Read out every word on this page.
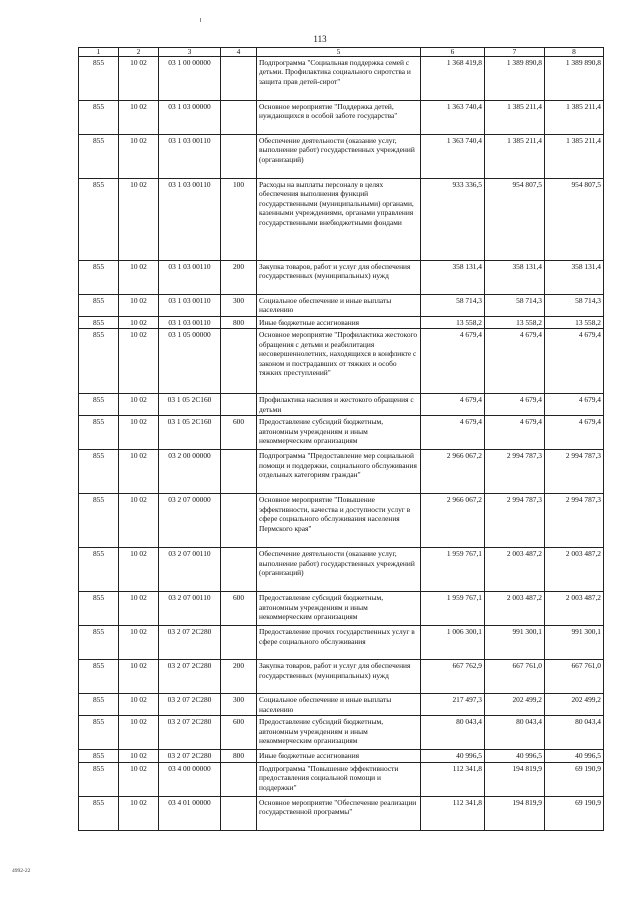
113
1	2	3	4	5	6	7	8
855	10 02	03 1 00 00000		Подпрограмма "Социальная поддержка семей с детьми. Профилактика социального сиротства и защита прав детей-сирот"	1 368 419,8	1 389 890,8	1 389 890,8
855	10 02	03 1 03 00000		Основное мероприятие "Поддержка детей, нуждающихся в особой заботе государства"	1 363 740,4	1 385 211,4	1 385 211,4
855	10 02	03 1 03 00110		Обеспечение деятельности (оказание услуг, выполнение работ) государственных учреждений (организаций)	1 363 740,4	1 385 211,4	1 385 211,4
855	10 02	03 1 03 00110	100	Расходы на выплаты персоналу в целях обеспечения выполнения функций государственными (муниципальными) органами, казенными учреждениями, органами управления государственными внебюджетными фондами	933 336,5	954 807,5	954 807,5
855	10 02	03 1 03 00110	200	Закупка товаров, работ и услуг для обеспечения государственных (муниципальных) нужд	358 131,4	358 131,4	358 131,4
855	10 02	03 1 03 00110	300	Социальное обеспечение и иные выплаты населению	58 714,3	58 714,3	58 714,3
855	10 02	03 1 03 00110	800	Иные бюджетные ассигнования	13 558,2	13 558,2	13 558,2
855	10 02	03 1 05 00000		Основное мероприятие "Профилактика жестокого обращения с детьми и реабилитация несовершеннолетних, находящихся в конфликте с законом и пострадавших от тяжких и особо тяжких преступлений"	4 679,4	4 679,4	4 679,4
855	10 02	03 1 05 2С160		Профилактика насилия и жестокого обращения с детьми	4 679,4	4 679,4	4 679,4
855	10 02	03 1 05 2С160	600	Предоставление субсидий бюджетным, автономным учреждениям и иным некоммерческим организациям	4 679,4	4 679,4	4 679,4
855	10 02	03 2 00 00000		Подпрограмма "Предоставление мер социальной помощи и поддержки, социального обслуживания отдельных категориям граждан"	2 966 067,2	2 994 787,3	2 994 787,3
855	10 02	03 2 07 00000		Основное мероприятие "Повышение эффективности, качества и доступности услуг в сфере социального обслуживания населения Пермского края"	2 966 067,2	2 994 787,3	2 994 787,3
855	10 02	03 2 07 00110		Обеспечение деятельности (оказание услуг, выполнение работ) государственных учреждений (организаций)	1 959 767,1	2 003 487,2	2 003 487,2
855	10 02	03 2 07 00110	600	Предоставление субсидий бюджетным, автономным учреждениям и иным некоммерческим организациям	1 959 767,1	2 003 487,2	2 003 487,2
855	10 02	03 2 07 2С280		Предоставление прочих государственных услуг в сфере социального обслуживания	1 006 300,1	991 300,1	991 300,1
855	10 02	03 2 07 2С280	200	Закупка товаров, работ и услуг для обеспечения государственных (муниципальных) нужд	667 762,9	667 761,0	667 761,0
855	10 02	03 2 07 2С280	300	Социальное обеспечение и иные выплаты населению	217 497,3	202 499,2	202 499,2
855	10 02	03 2 07 2С280	600	Предоставление субсидий бюджетным, автономным учреждениям и иным некоммерческим организациям	80 043,4	80 043,4	80 043,4
855	10 02	03 2 07 2С280	800	Иные бюджетные ассигнования	40 996,5	40 996,5	40 996,5
855	10 02	03 4 00 00000		Подпрограмма "Повышение эффективности предоставления социальной помощи и поддержки"	112 341,8	194 819,9	69 190,9
855	10 02	03 4 01 00000		Основное мероприятие "Обеспечение реализации государственной программы"	112 341,8	194 819,9	69 190,9
4992-22
